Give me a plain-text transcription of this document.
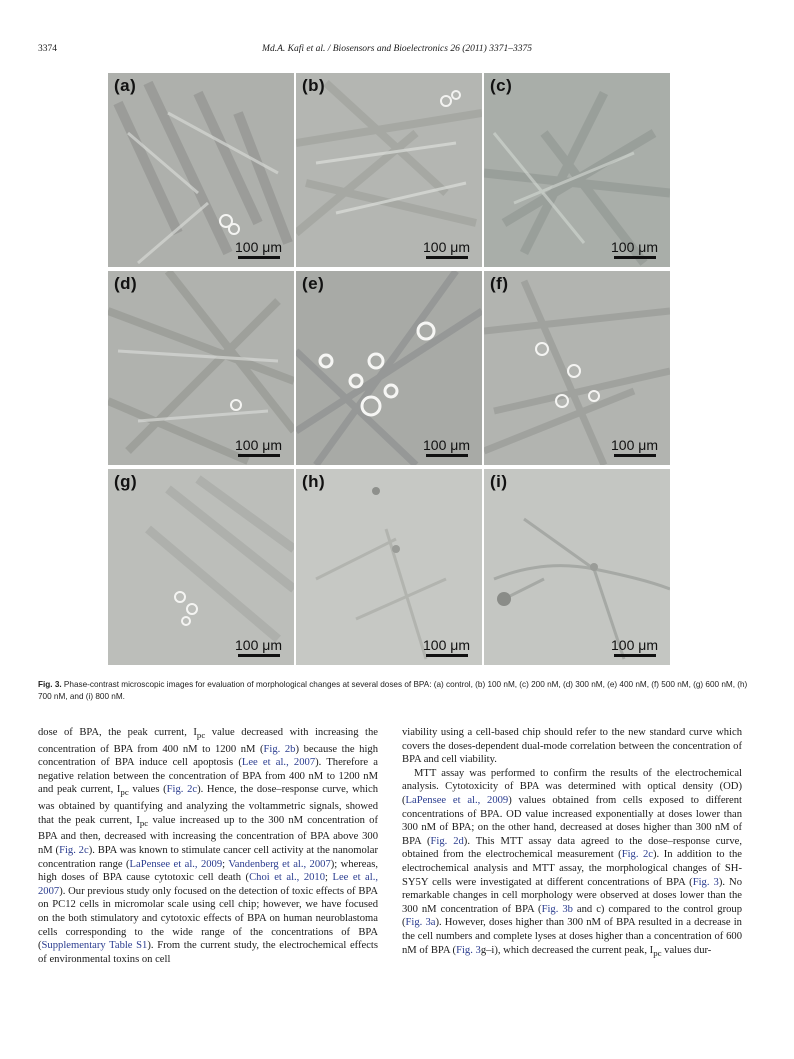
3374	Md.A. Kafi et al. / Biosensors and Bioelectronics 26 (2011) 3371–3375
(a)
100 μm
(b)
100 μm
(c)
100 μm
(d)
100 μm
(e)
100 μm
(f)
100 μm
(g)
100 μm
(h)
100 μm
(i)
100 μm
Fig. 3. Phase-contrast microscopic images for evaluation of morphological changes at several doses of BPA: (a) control, (b) 100 nM, (c) 200 nM, (d) 300 nM, (e) 400 nM, (f) 500 nM, (g) 600 nM, (h) 700 nM, and (i) 800 nM.

dose of BPA, the peak current, $I_{pc}$ value decreased with increasing the concentration of BPA from 400 nM to 1200 nM (Fig. 2b) because the high concentration of BPA induce cell apoptosis (Lee et al., 2007). Therefore a negative relation between the concentration of BPA from 400 nM to 1200 nM and peak current, $I_{pc}$ values (Fig. 2c). Hence, the dose–response curve, which was obtained by quantifying and analyzing the voltammetric signals, showed that the peak current, $I_{pc}$ value increased up to the 300 nM concentration of BPA and then, decreased with increasing the concentration of BPA above 300 nM (Fig. 2c). BPA was known to stimulate cancer cell activity at the nanomolar concentration range (LaPensee et al., 2009; Vandenberg et al., 2007); whereas, high doses of BPA cause cytotoxic cell death (Choi et al., 2010; Lee et al., 2007). Our previous study only focused on the detection of toxic effects of BPA on PC12 cells in micromolar scale using cell chip; however, we have focused on the both stimulatory and cytotoxic effects of BPA on human neuroblastoma cells corresponding to the wide range of the concentrations of BPA (Supplementary Table S1). From the current study, the electrochemical effects of environmental toxins on cell

viability using a cell-based chip should refer to the new standard curve which covers the doses-dependent dual-mode correlation between the concentration of BPA and cell viability.

MTT assay was performed to confirm the results of the electrochemical analysis. Cytotoxicity of BPA was determined with optical density (OD) (LaPensee et al., 2009) values obtained from cells exposed to different concentrations of BPA. OD value increased exponentially at doses lower than 300 nM of BPA; on the other hand, decreased at doses higher than 300 nM of BPA (Fig. 2d). This MTT assay data agreed to the dose–response curve, obtained from the electrochemical measurement (Fig. 2c). In addition to the electrochemical analysis and MTT assay, the morphological changes of SH-SY5Y cells were investigated at different concentrations of BPA (Fig. 3). No remarkable changes in cell morphology were observed at doses lower than the 300 nM concentration of BPA (Fig. 3b and c) compared to the control group (Fig. 3a). However, doses higher than 300 nM of BPA resulted in a decrease in the cell numbers and complete lyses at doses higher than a concentration of 600 nM of BPA (Fig. 3g–i), which decreased the current peak, $I_{pc}$ values dur-
